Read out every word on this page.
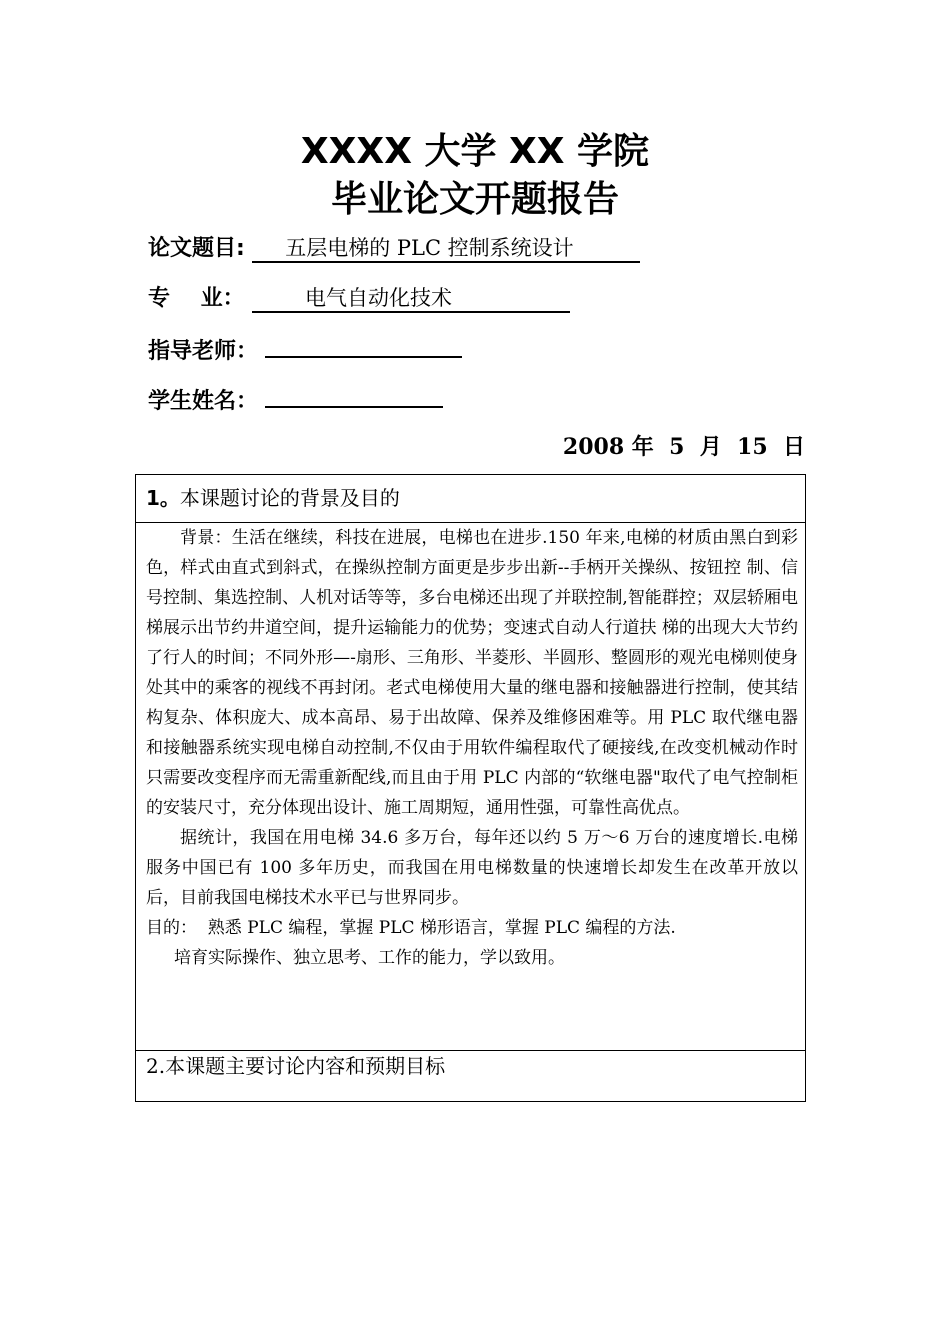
XXXX 大学 XX 学院
毕业论文开题报告
论文题目:      五层电梯的 PLC 控制系统设计
专    业：         电气自动化技术
指导老师：
学生姓名：
2008 年  5  月  15  日
1。本课题讨论的背景及目的

背景：生活在继续，科技在进展，电梯也在进步.150 年来,电梯的材质由黑白到彩色，样式由直式到斜式，在操纵控制方面更是步步出新--手柄开关操纵、按钮控 制、信号控制、集选控制、人机对话等等，多台电梯还出现了并联控制,智能群控；双层轿厢电梯展示出节约井道空间，提升运输能力的优势；变速式自动人行道扶 梯的出现大大节约了行人的时间；不同外形—-扇形、三角形、半菱形、半圆形、整圆形的观光电梯则使身处其中的乘客的视线不再封闭。老式电梯使用大量的继电器和接触器进行控制，使其结构复杂、体积庞大、成本高昂、易于出故障、保养及维修困难等。用 PLC 取代继电器和接触器系统实现电梯自动控制,不仅由于用软件编程取代了硬接线,在改变机械动作时只需要改变程序而无需重新配线,而且由于用 PLC 内部的“软继电器"取代了电气控制柜的安装尺寸，充分体现出设计、施工周期短，通用性强，可靠性高优点。

据统计，我国在用电梯 34.6 多万台，每年还以约 5 万～6 万台的速度增长.电梯服务中国已有 100 多年历史，而我国在用电梯数量的快速增长却发生在改革开放以后，目前我国电梯技术水平已与世界同步。

目的：  熟悉 PLC 编程，掌握 PLC 梯形语言，掌握 PLC 编程的方法.

培育实际操作、独立思考、工作的能力，学以致用。

2.本课题主要讨论内容和预期目标
